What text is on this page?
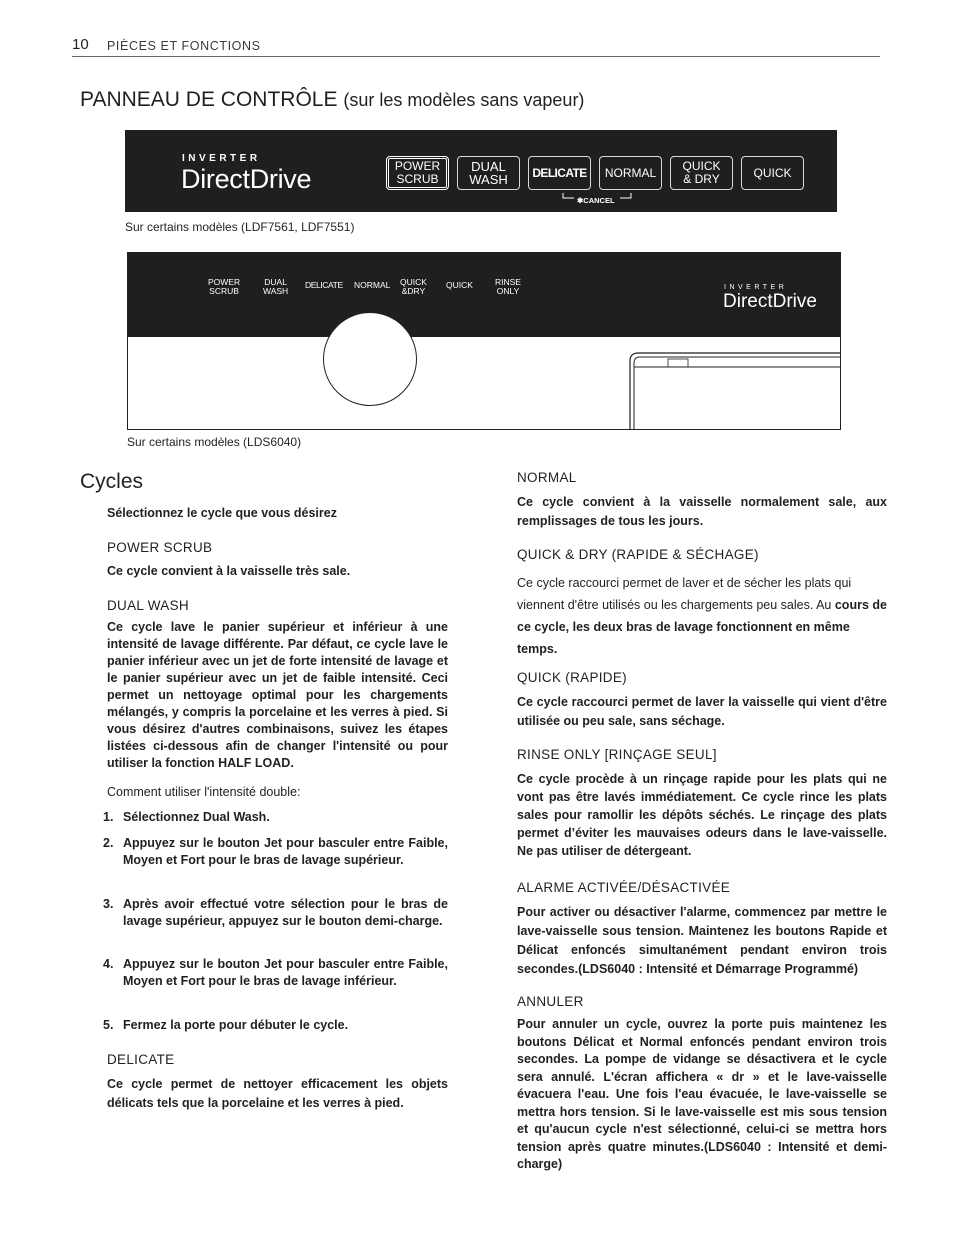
10 PIÈCES ET FONCTIONS
PANNEAU DE CONTRÔLE (sur les modèles sans vapeur)
INVERTER
DirectDrive	POWER
SCRUB
DUAL
WASH	DELICATE	NORMAL	QUICK
& DRY	QUICK
✱CANCEL
Sur certains modèles (LDF7561, LDF7551)
POWER
SCRUB
DUAL
WASH
DELICATE NORMAL QUICK
&DRY
QUICK	RINSE
ONLY	INVERTER
DirectDrive
Sur certains modèles (LDS6040)
Cycles
Sélectionnez le cycle que vous désirez
POWER SCRUB
Ce cycle convient à la vaisselle très sale.
DUAL WASH
Ce cycle lave le panier supérieur et inférieur à une intensité de lavage différente. Par défaut, ce cycle lave le panier inférieur avec un jet de forte intensité de lavage et le panier supérieur avec un jet de faible intensité. Ceci permet un nettoyage optimal pour les chargements mélangés, y compris la porcelaine et les verres à pied. Si vous désirez d'autres combinaisons, suivez les étapes listées ci-dessous afin de changer l'intensité ou pour utiliser la fonction HALF LOAD.
Comment utiliser l'intensité double:
1. Sélectionnez Dual Wash.
2. Appuyez sur le bouton Jet pour basculer entre Faible, Moyen et Fort pour le bras de lavage supérieur.
3. Après avoir effectué votre sélection pour le bras de lavage supérieur, appuyez sur le bouton demi-charge.
4. Appuyez sur le bouton Jet pour basculer entre Faible, Moyen et Fort pour le bras de lavage inférieur.
5. Fermez la porte pour débuter le cycle.
DELICATE
Ce cycle permet de nettoyer efficacement les objets délicats tels que la porcelaine et les verres à pied.
NORMAL
Ce cycle convient à la vaisselle normalement sale, aux remplissages de tous les jours.
QUICK & DRY (RAPIDE & SÉCHAGE)
Ce cycle raccourci permet de laver et de sécher les plats qui viennent d'être utilisés ou les chargements peu sales. Au cours de ce cycle, les deux bras de lavage fonctionnent en même temps.
QUICK (RAPIDE)
Ce cycle raccourci permet de laver la vaisselle qui vient d'être utilisée ou peu sale, sans séchage.
RINSE ONLY [RINÇAGE SEUL]
Ce cycle procède à un rinçage rapide pour les plats qui ne vont pas être lavés immédiatement. Ce cycle rince les plats sales pour ramollir les dépôts séchés. Le rinçage des plats permet d’éviter les mauvaises odeurs dans le lave-vaisselle. Ne pas utiliser de détergeant.
ALARME ACTIVÉE/DÉSACTIVÉE
Pour activer ou désactiver l'alarme, commencez par mettre le lave-vaisselle sous tension. Maintenez les boutons Rapide et Délicat enfoncés simultanément pendant environ trois secondes.(LDS6040 : Intensité et Démarrage Programmé)
ANNULER
Pour annuler un cycle, ouvrez la porte puis maintenez les boutons Délicat et Normal enfoncés pendant environ trois secondes. La pompe de vidange se désactivera et le cycle sera annulé. L'écran affichera « dr » et le lave-vaisselle évacuera l'eau. Une fois l'eau évacuée, le lave-vaisselle se mettra hors tension. Si le lave-vaisselle est mis sous tension et qu'aucun cycle n'est sélectionné, celui-ci se mettra hors tension après quatre minutes.(LDS6040 : Intensité et demi-charge)
